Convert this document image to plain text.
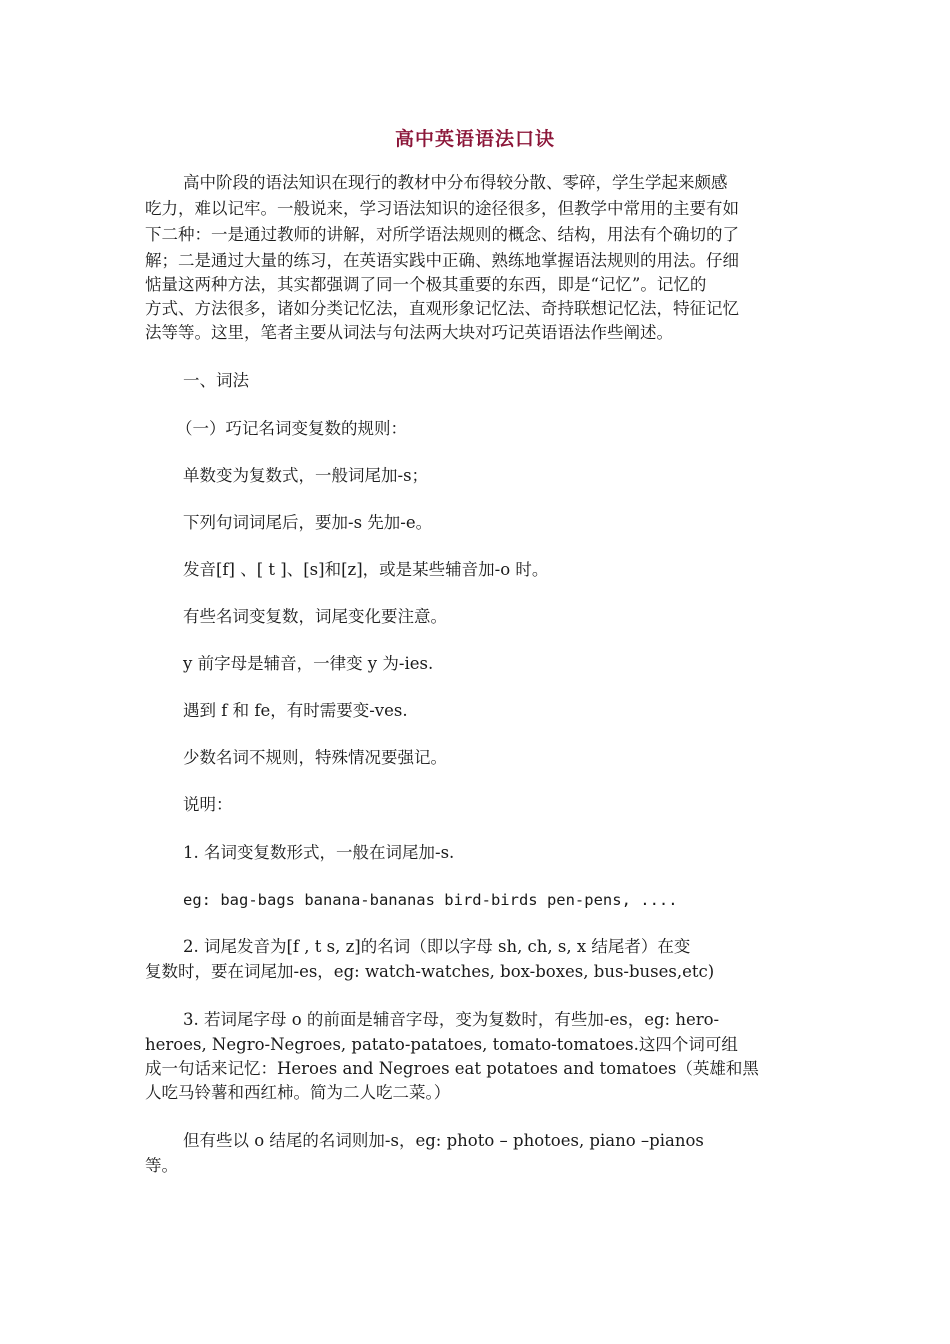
高中英语语法口诀
高中阶段的语法知识在现行的教材中分布得较分散、零碎，学生学起来颇感
吃力，难以记牢。一般说来，学习语法知识的途径很多，但教学中常用的主要有如
下二种：一是通过教师的讲解，对所学语法规则的概念、结构，用法有个确切的了
解；二是通过大量的练习，在英语实践中正确、熟练地掌握语法规则的用法。仔细
惦量这两种方法，其实都强调了同一个极其重要的东西，即是“记忆”。记忆的
方式、方法很多，诸如分类记忆法，直观形象记忆法、奇持联想记忆法，特征记忆
法等等。这里，笔者主要从词法与句法两大块对巧记英语语法作些阐述。
一、词法
（一）巧记名词变复数的规则：
单数变为复数式，一般词尾加-s；
下列句词词尾后，要加-s 先加-e。
发音[f] 、[ t ]、[s]和[z]，或是某些辅音加-o 时。
有些名词变复数，词尾变化要注意。
y 前字母是辅音，一律变 y 为-ies.
遇到 f 和 fe，有时需要变-ves.
少数名词不规则，特殊情况要强记。
说明：
1. 名词变复数形式，一般在词尾加-s.
eg: bag-bags banana-bananas bird-birds pen-pens, ....
2. 词尾发音为[f , t s, z]的名词（即以字母 sh, ch, s, x 结尾者）在变
复数时，要在词尾加-es，eg: watch-watches, box-boxes, bus-buses,etc)
3. 若词尾字母 o 的前面是辅音字母，变为复数时，有些加-es，eg: hero-
heroes, Negro-Negroes, patato-patatoes, tomato-tomatoes.这四个词可组
成一句话来记忆：Heroes and Negroes eat potatoes and tomatoes（英雄和黑
人吃马铃薯和西红柿。简为二人吃二菜。）
但有些以 o 结尾的名词则加-s，eg: photo – photoes, piano –pianos
等。
